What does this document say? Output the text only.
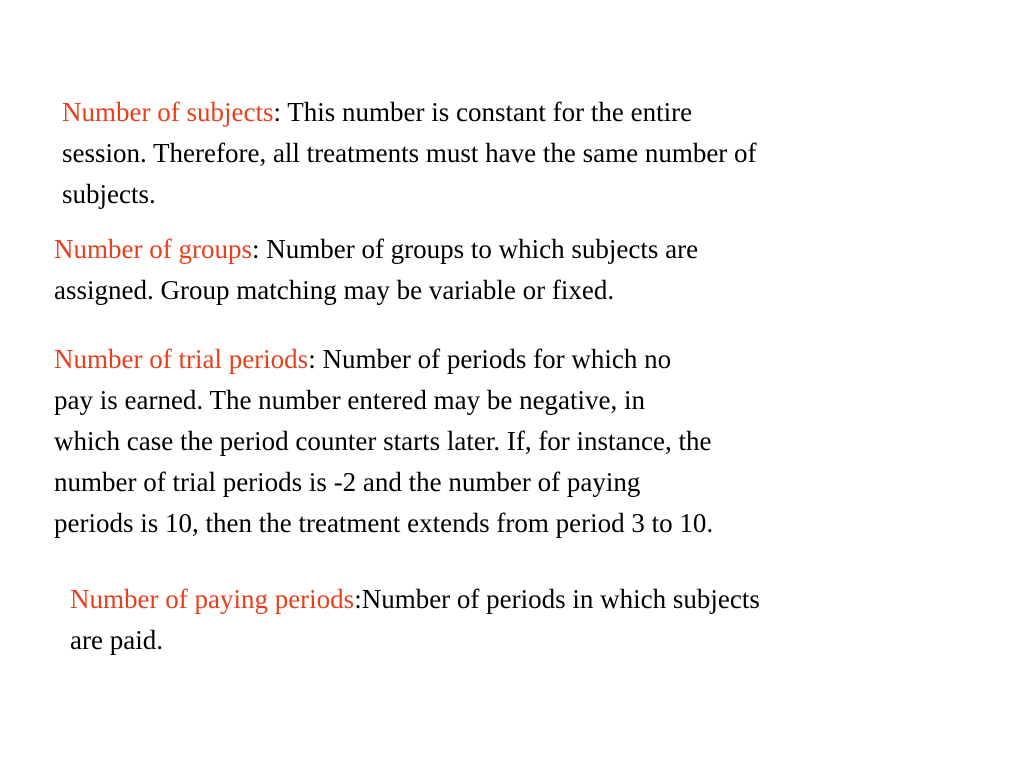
Number of subjects: This number is constant for the entire
session. Therefore, all treatments must have the same number of
subjects.

Number of groups: Number of groups to which subjects are
assigned. Group matching may be variable or fixed.

Number of trial periods: Number of periods for which no
pay is earned. The number entered may be negative, in
which case the period counter starts later. If, for instance, the
number of trial periods is -2 and the number of paying
periods is 10, then the treatment extends from period 3 to 10.

Number of paying periods:Number of periods in which subjects
are paid.
